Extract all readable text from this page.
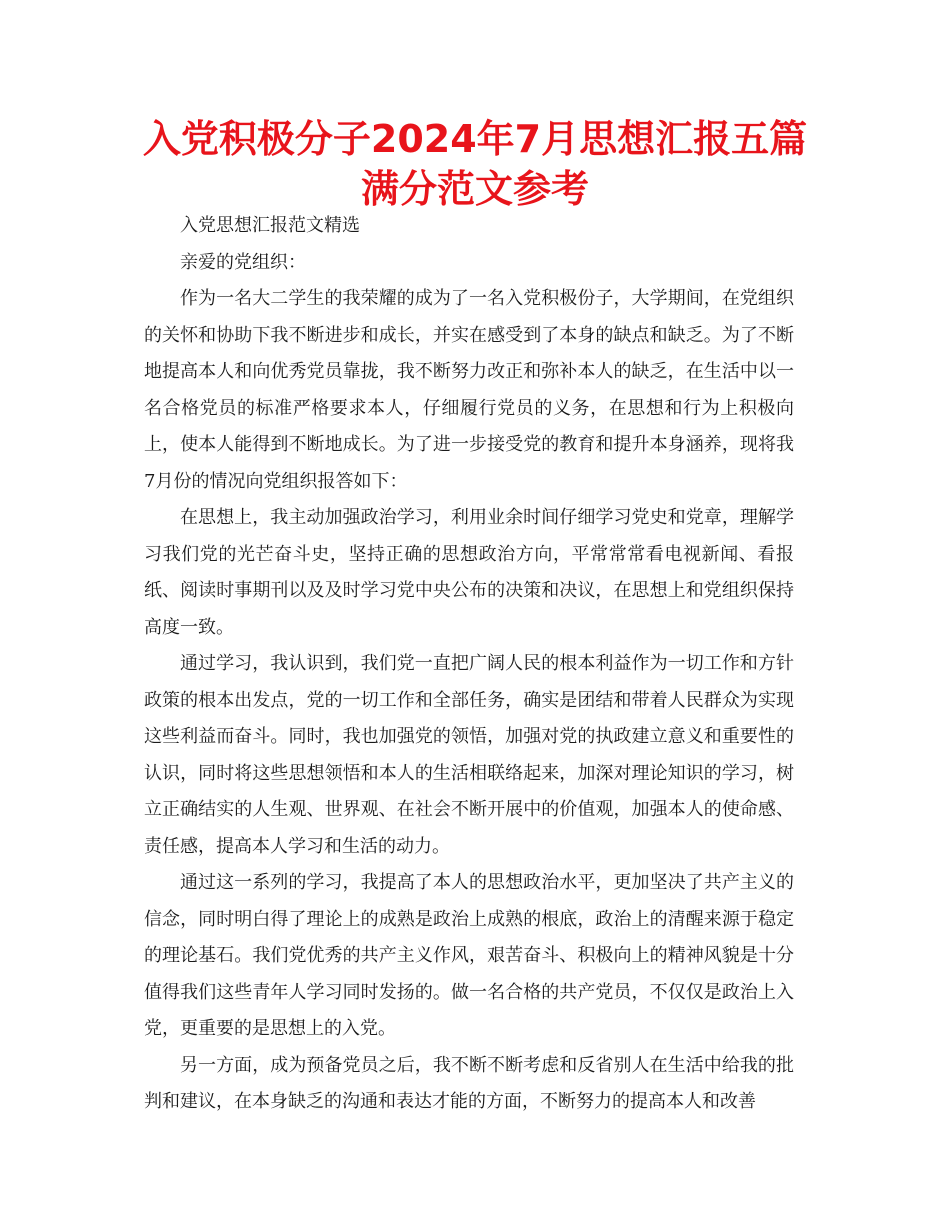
入党积极分子2024年7月思想汇报五篇
满分范文参考

入党思想汇报范文精选

亲爱的党组织：

作为一名大二学生的我荣耀的成为了一名入党积极份子，大学期间，在党组织的关怀和协助下我不断进步和成长，并实在感受到了本身的缺点和缺乏。为了不断地提高本人和向优秀党员靠拢，我不断努力改正和弥补本人的缺乏，在生活中以一名合格党员的标准严格要求本人，仔细履行党员的义务，在思想和行为上积极向上，使本人能得到不断地成长。为了进一步接受党的教育和提升本身涵养，现将我7月份的情况向党组织报答如下：

在思想上，我主动加强政治学习，利用业余时间仔细学习党史和党章，理解学习我们党的光芒奋斗史，坚持正确的思想政治方向，平常常常看电视新闻、看报纸、阅读时事期刊以及及时学习党中央公布的决策和决议，在思想上和党组织保持高度一致。

通过学习，我认识到，我们党一直把广阔人民的根本利益作为一切工作和方针政策的根本出发点，党的一切工作和全部任务，确实是团结和带着人民群众为实现这些利益而奋斗。同时，我也加强党的领悟，加强对党的执政建立意义和重要性的认识，同时将这些思想领悟和本人的生活相联络起来，加深对理论知识的学习，树立正确结实的人生观、世界观、在社会不断开展中的价值观，加强本人的使命感、责任感，提高本人学习和生活的动力。

通过这一系列的学习，我提高了本人的思想政治水平，更加坚决了共产主义的信念，同时明白得了理论上的成熟是政治上成熟的根底，政治上的清醒来源于稳定的理论基石。我们党优秀的共产主义作风，艰苦奋斗、积极向上的精神风貌是十分值得我们这些青年人学习同时发扬的。做一名合格的共产党员，不仅仅是政治上入党，更重要的是思想上的入党。

另一方面，成为预备党员之后，我不断不断考虑和反省别人在生活中给我的批判和建议，在本身缺乏的沟通和表达才能的方面，不断努力的提高本人和改善
